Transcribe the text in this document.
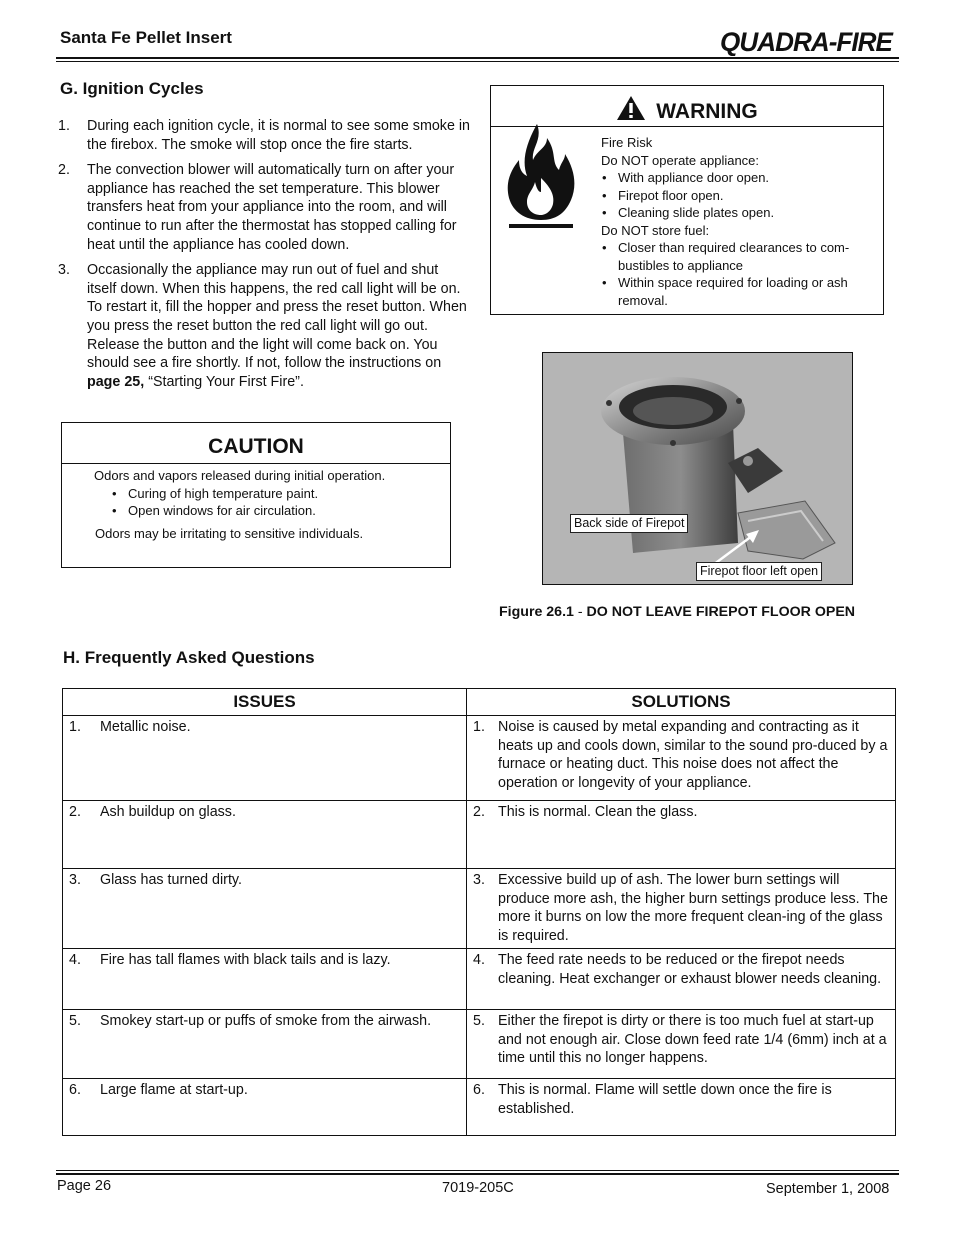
Santa Fe Pellet Insert	QUADRA-FIRE
G. Ignition Cycles
1. During each ignition cycle, it is normal to see some smoke in the firebox. The smoke will stop once the fire starts.
2. The convection blower will automatically turn on after your appliance has reached the set temperature. This blower transfers heat from your appliance into the room, and will continue to run after the thermostat has stopped calling for heat until the appliance has cooled down.
3. Occasionally the appliance may run out of fuel and shut itself down. When this happens, the red call light will be on. To restart it, fill the hopper and press the reset button. When you press the reset button the red call light will go out. Release the button and the light will come back on. You should see a fire shortly. If not, follow the instructions on page 25, “Starting Your First Fire”.
CAUTION
Odors and vapors released during initial operation.
• Curing of high temperature paint.
• Open windows for air circulation.
Odors may be irritating to sensitive individuals.
WARNING
Fire Risk
Do NOT operate appliance:
• With appliance door open.
• Firepot floor open.
• Cleaning slide plates open.
Do NOT store fuel:
• Closer than required clearances to com-bustibles to appliance
• Within space required for loading or ash removal.
Back side of Firepot
Firepot floor left open
Figure 26.1 - DO NOT LEAVE FIREPOT FLOOR OPEN
H. Frequently Asked Questions
ISSUES	SOLUTIONS

1. Metallic noise.	1. Noise is caused by metal expanding and contracting as it heats up and cools down, similar to the sound pro-duced by a furnace or heating duct. This noise does not affect the operation or longevity of your appliance.

2. Ash buildup on glass.	2. This is normal. Clean the glass.

3. Glass has turned dirty.	3. Excessive build up of ash. The lower burn settings will produce more ash, the higher burn settings produce less. The more it burns on low the more frequent clean-ing of the glass is required.

4. Fire has tall flames with black tails and is lazy.	4. The feed rate needs to be reduced or the firepot needs cleaning. Heat exchanger or exhaust blower needs cleaning.

5. Smokey start-up or puffs of smoke from the airwash.	5. Either the firepot is dirty or there is too much fuel at start-up and not enough air. Close down feed rate 1/4 (6mm) inch at a time until this no longer happens.

6. Large flame at start-up.	6. This is normal. Flame will settle down once the fire is established.
Page 26	7019-205C	September 1, 2008
